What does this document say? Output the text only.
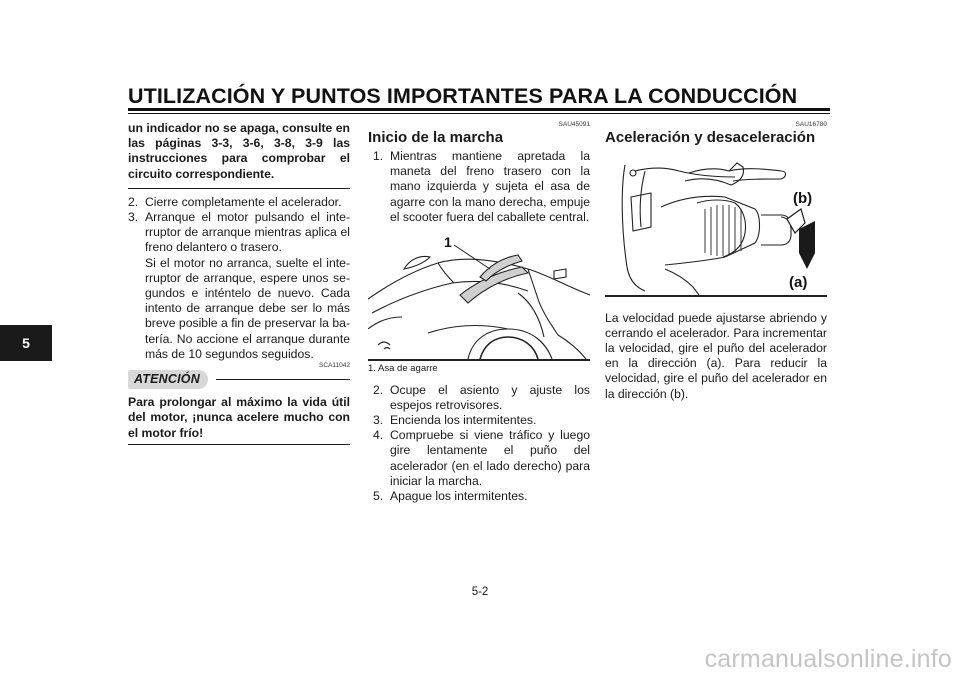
UTILIZACIÓN Y PUNTOS IMPORTANTES PARA LA CONDUCCIÓN
5
un indicador no se apaga, consulte en las páginas 3-3, 3-6, 3-8, 3-9 las instrucciones para comprobar el circuito correspondiente.
2. Cierre completamente el acelerador.
3. Arranque el motor pulsando el interruptor de arranque mientras aplica el freno delantero o trasero.
Si el motor no arranca, suelte el interruptor de arranque, espere unos segundos e inténtelo de nuevo. Cada intento de arranque debe ser lo más breve posible a fin de preservar la batería. No accione el arranque durante más de 10 segundos seguidos.
SCA11042
ATENCIÓN
Para prolongar al máximo la vida útil del motor, ¡nunca acelere mucho con el motor frío!
SAU45091
Inicio de la marcha
1. Mientras mantiene apretada la maneta del freno trasero con la mano izquierda y sujeta el asa de agarre con la mano derecha, empuje el scooter fuera del caballete central.
1
1. Asa de agarre
2. Ocupe el asiento y ajuste los espejos retrovisores.
3. Encienda los intermitentes.
4. Compruebe si viene tráfico y luego gire lentamente el puño del acelerador (en el lado derecho) para iniciar la marcha.
5. Apague los intermitentes.
SAU16780
Aceleración y desaceleración
(b)
(a)
La velocidad puede ajustarse abriendo y cerrando el acelerador. Para incrementar la velocidad, gire el puño del acelerador en la dirección (a). Para reducir la velocidad, gire el puño del acelerador en la dirección (b).
5-2
carmanualsonline.info
